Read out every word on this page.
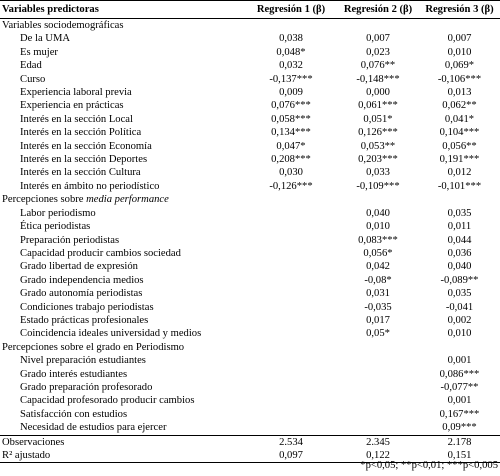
Variables predictoras	Regresión 1 (β)	Regresión 2 (β)	Regresión 3 (β)
Variables sociodemográficas			
De la UMA	0,038	0,007	0,007
Es mujer	0,048*	0,023	0,010
Edad	0,032	0,076**	0,069*
Curso	-0,137***	-0,148***	-0,106***
Experiencia laboral previa	0,009	0,000	0,013
Experiencia en prácticas	0,076***	0,061***	0,062**
Interés en la sección Local	0,058***	0,051*	0,041*
Interés en la sección Política	0,134***	0,126***	0,104***
Interés en la sección Economía	0,047*	0,053**	0,056**
Interés en la sección Deportes	0,208***	0,203***	0,191***
Interés en la sección Cultura	0,030	0,033	0,012
Interés en ámbito no periodístico	-0,126***	-0,109***	-0,101***
Percepciones sobre media performance			
Labor periodismo		0,040	0,035
Ética periodistas		0,010	0,011
Preparación periodistas		0,083***	0,044
Capacidad producir cambios sociedad		0,056*	0,036
Grado libertad de expresión		0,042	0,040
Grado independencia medios		-0,08*	-0,089**
Grado autonomía periodistas		0,031	0,035
Condiciones trabajo periodistas		-0,035	-0,041
Estado prácticas profesionales		0,017	0,002
Coincidencia ideales universidad y medios		0,05*	0,010
Percepciones sobre el grado en Periodismo			
Nivel preparación estudiantes			0,001
Grado interés estudiantes			0,086***
Grado preparación profesorado			-0,077**
Capacidad profesorado producir cambios			0,001
Satisfacción con estudios			0,167***
Necesidad de estudios para ejercer			0,09***
Observaciones	2.534	2.345	2.178
R² ajustado	0,097	0,122	0,151
*p<0,05; **p<0,01; ***p<0,005
